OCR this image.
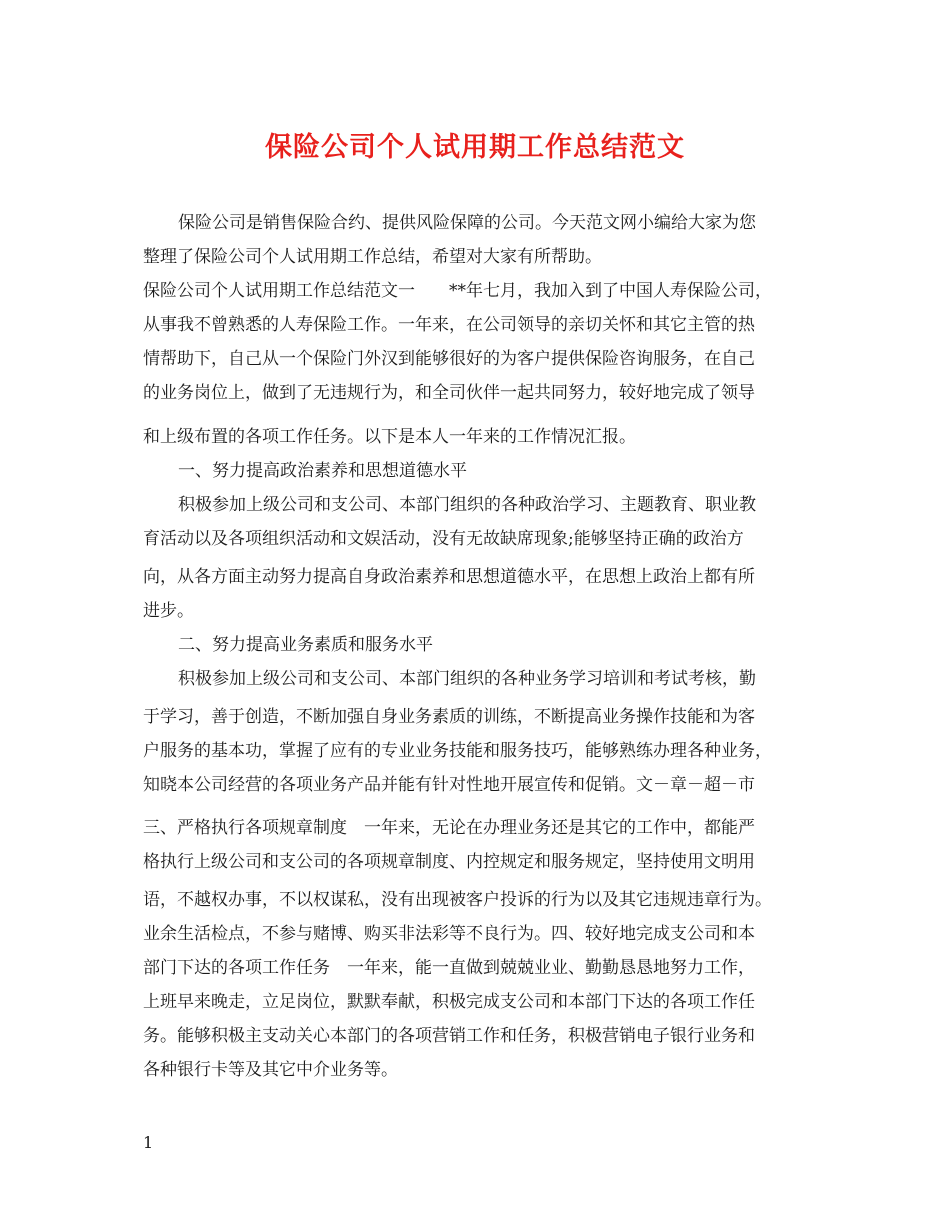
保险公司个人试用期工作总结范文

保险公司是销售保险合约、提供风险保障的公司。今天范文网小编给大家为您

整理了保险公司个人试用期工作总结，希望对大家有所帮助。

保险公司个人试用期工作总结范文一　　**年七月，我加入到了中国人寿保险公司，

从事我不曾熟悉的人寿保险工作。一年来，在公司领导的亲切关怀和其它主管的热

情帮助下，自己从一个保险门外汉到能够很好的为客户提供保险咨询服务，在自己

的业务岗位上，做到了无违规行为，和全司伙伴一起共同努力，较好地完成了领导

和上级布置的各项工作任务。以下是本人一年来的工作情况汇报。

一、努力提高政治素养和思想道德水平

积极参加上级公司和支公司、本部门组织的各种政治学习、主题教育、职业教

育活动以及各项组织活动和文娱活动，没有无故缺席现象;能够坚持正确的政治方

向，从各方面主动努力提高自身政治素养和思想道德水平，在思想上政治上都有所

进步。

二、努力提高业务素质和服务水平

积极参加上级公司和支公司、本部门组织的各种业务学习培训和考试考核，勤

于学习，善于创造，不断加强自身业务素质的训练，不断提高业务操作技能和为客

户服务的基本功，掌握了应有的专业业务技能和服务技巧，能够熟练办理各种业务，

知晓本公司经营的各项业务产品并能有针对性地开展宣传和促销。文－章－超－市

三、严格执行各项规章制度　一年来，无论在办理业务还是其它的工作中，都能严

格执行上级公司和支公司的各项规章制度、内控规定和服务规定，坚持使用文明用

语，不越权办事，不以权谋私，没有出现被客户投诉的行为以及其它违规违章行为。

业余生活检点，不参与赌博、购买非法彩等不良行为。四、较好地完成支公司和本

部门下达的各项工作任务　一年来，能一直做到兢兢业业、勤勤恳恳地努力工作，

上班早来晚走，立足岗位，默默奉献，积极完成支公司和本部门下达的各项工作任

务。能够积极主支动关心本部门的各项营销工作和任务，积极营销电子银行业务和

各种银行卡等及其它中介业务等。

1
